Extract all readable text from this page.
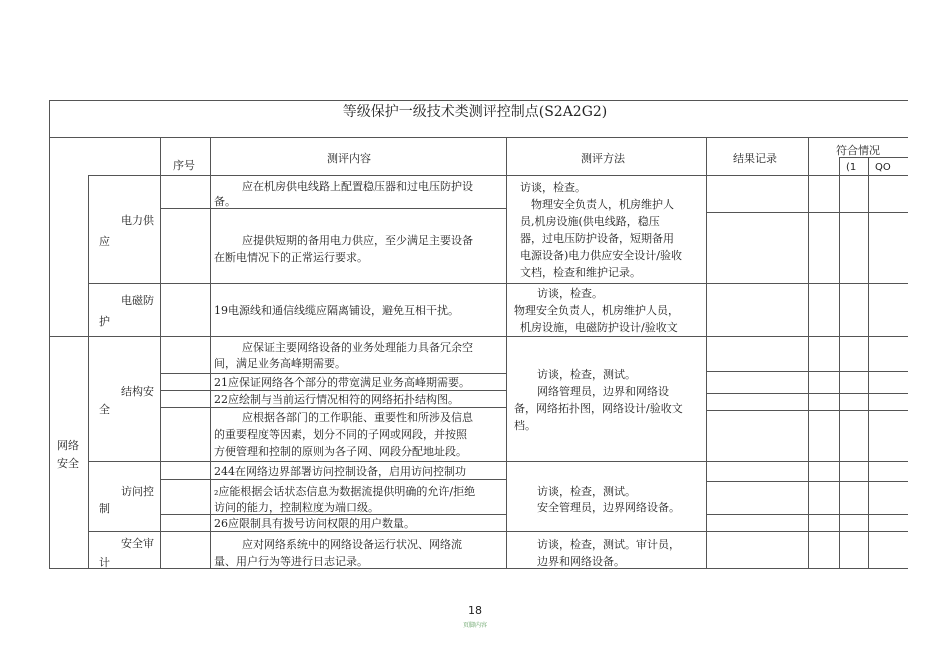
等级保护一级技术类测评控制点(S2A2G2)
序号
测评内容	测评方法	结果记录
符合情况
(1 QO
电力供
应
电磁防
护
网络
安全
结构安
全
访问控
制
安全审
计
应在机房供电线路上配置稳压器和过电压防护设
备。
应提供短期的备用电力供应，至少满足主要设备
在断电情况下的正常运行要求。
19电源线和通信线缆应隔离铺设，避免互相干扰。
应保证主要网络设备的业务处理能力具备冗余空
间，满足业务高峰期需要。
21应保证网络各个部分的带宽满足业务高峰期需要。
22应绘制与当前运行情况相符的网络拓扑结构图。
应根据各部门的工作职能、重要性和所涉及信息
的重要程度等因素，划分不同的子网或网段，并按照
方便管理和控制的原则为各子网、网段分配地址段。
244在网络边界部署访问控制设备，启用访问控制功
₂应能根据会话状态信息为数据流提供明确的允许/拒绝
访问的能力，控制粒度为端口级。
26应限制具有拨号访问权限的用户数量。
应对网络系统中的网络设备运行状况、网络流
量、用户行为等进行日志记录。
访谈，检查。
物理安全负责人，机房维护人
员,机房设施(供电线路，稳压
器，过电压防护设备，短期备用
电源设备)电力供应安全设计/验收
文档，检查和维护记录。
访谈，检查。
物理安全负责人，机房维护人员，
机房设施，电磁防护设计/验收文
访谈，检查，测试。
网络管理员，边界和网络设
备，网络拓扑图，网络设计/验收文
档。
访谈，检查，测试。
安全管理员，边界网络设备。
访谈，检查，测试。审计员，
边界和网络设备。
18
页脚内容
